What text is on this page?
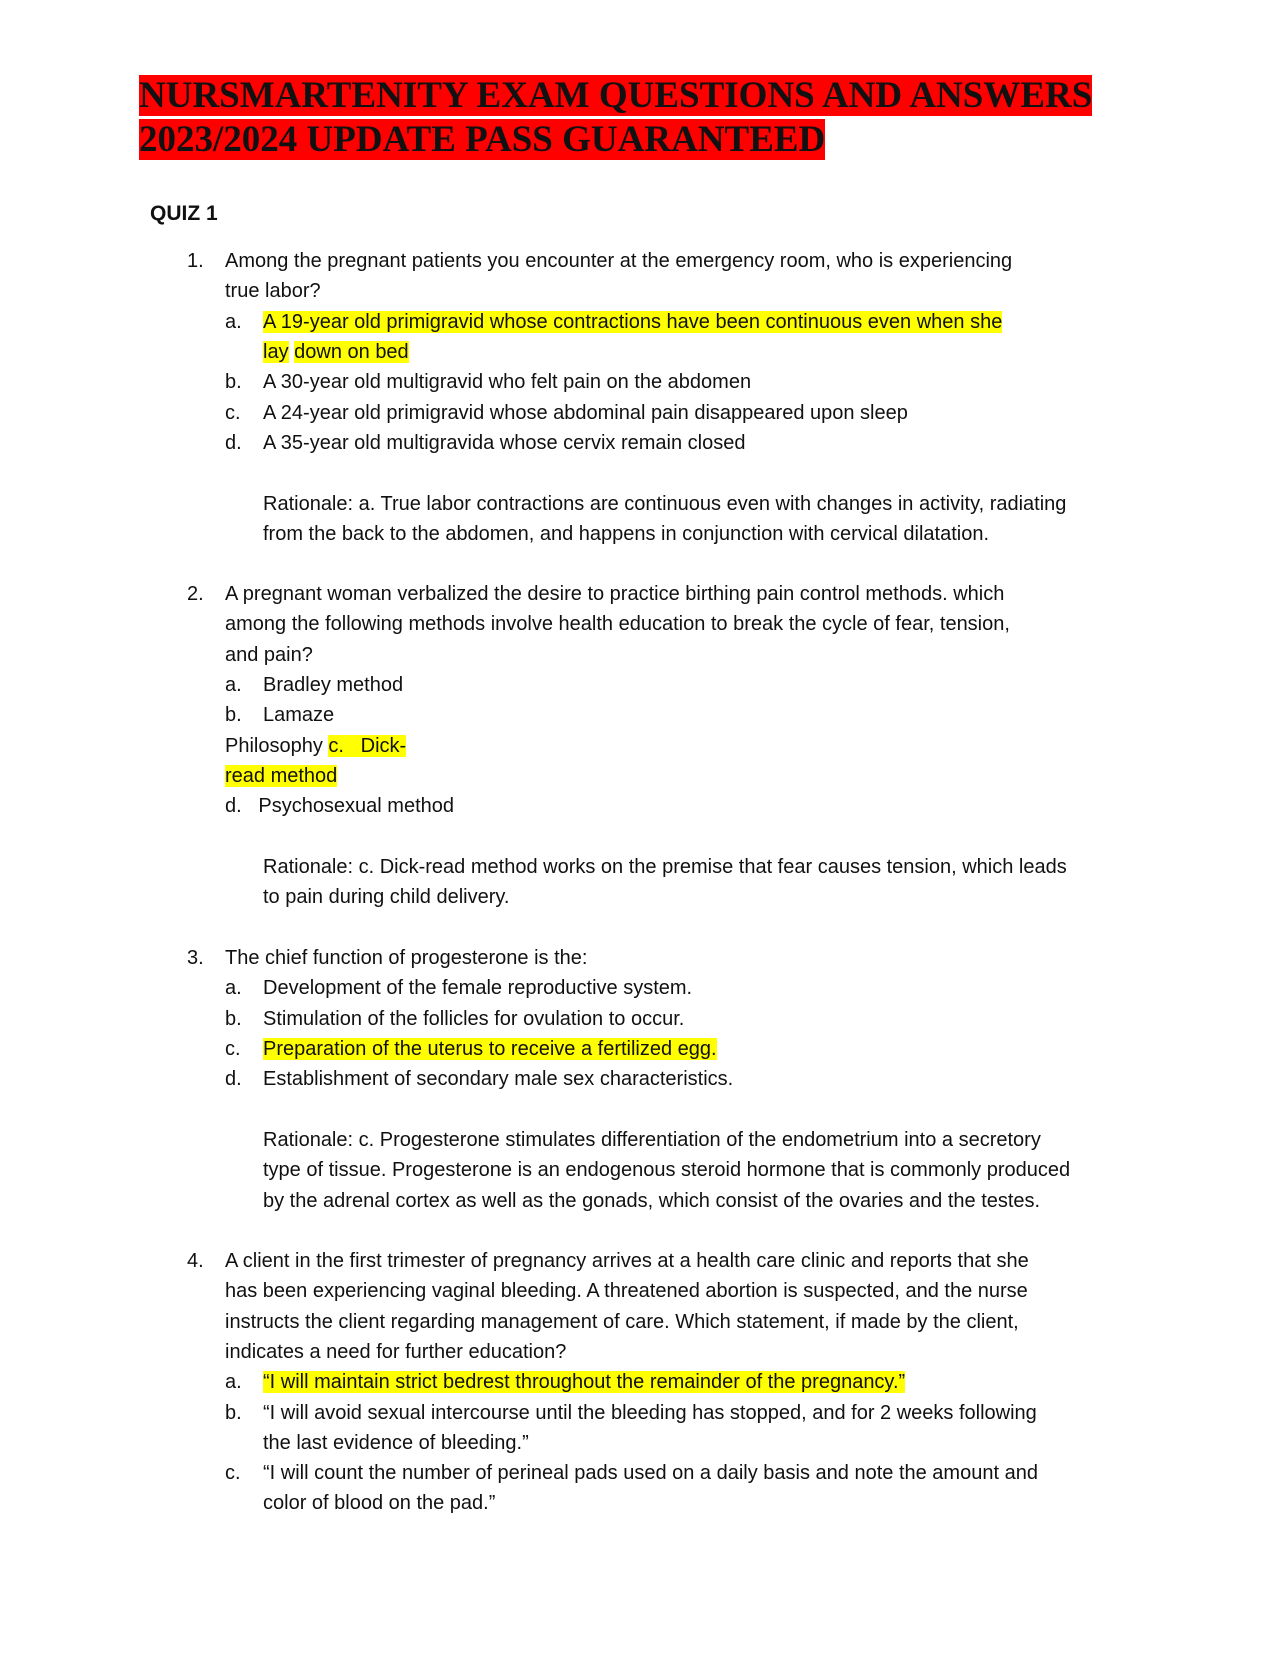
NURSMARTENITY EXAM QUESTIONS AND ANSWERS
2023/2024 UPDATE PASS GUARANTEED
QUIZ 1
1. Among the pregnant patients you encounter at the emergency room, who is experiencing
true labor?
a. A 19-year old primigravid whose contractions have been continuous even when she
lay down on bed
b. A 30-year old multigravid who felt pain on the abdomen
c. A 24-year old primigravid whose abdominal pain disappeared upon sleep
d. A 35-year old multigravida whose cervix remain closed
Rationale: a. True labor contractions are continuous even with changes in activity, radiating
from the back to the abdomen, and happens in conjunction with cervical dilatation.
2. A pregnant woman verbalized the desire to practice birthing pain control methods. which
among the following methods involve health education to break the cycle of fear, tension,
and pain?
a. Bradley method
b. Lamaze
Philosophy c.   Dick-
read method
d.   Psychosexual method
Rationale: c. Dick-read method works on the premise that fear causes tension, which leads
to pain during child delivery.
3. The chief function of progesterone is the:
a. Development of the female reproductive system.
b. Stimulation of the follicles for ovulation to occur.
c. Preparation of the uterus to receive a fertilized egg.
d. Establishment of secondary male sex characteristics.
Rationale: c. Progesterone stimulates differentiation of the endometrium into a secretory
type of tissue. Progesterone is an endogenous steroid hormone that is commonly produced
by the adrenal cortex as well as the gonads, which consist of the ovaries and the testes.
4. A client in the first trimester of pregnancy arrives at a health care clinic and reports that she
has been experiencing vaginal bleeding. A threatened abortion is suspected, and the nurse
instructs the client regarding management of care. Which statement, if made by the client,
indicates a need for further education?
a. “I will maintain strict bedrest throughout the remainder of the pregnancy.”
b. “I will avoid sexual intercourse until the bleeding has stopped, and for 2 weeks following
the last evidence of bleeding.”
c. “I will count the number of perineal pads used on a daily basis and note the amount and
color of blood on the pad.”
